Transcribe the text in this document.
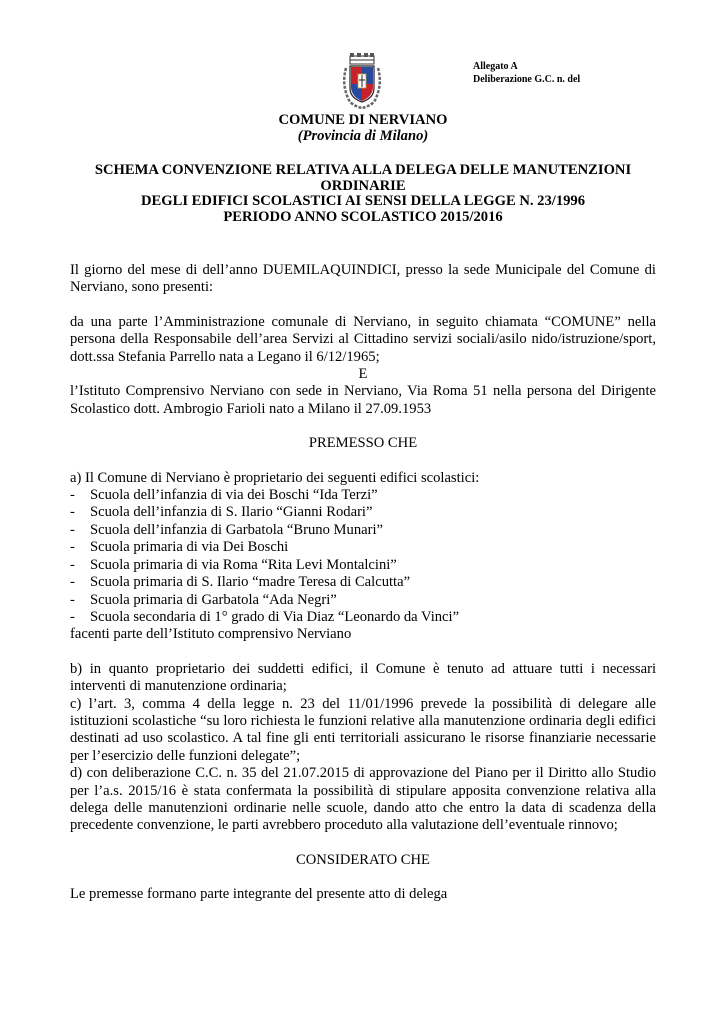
Allegato A
Deliberazione G.C. n. del
COMUNE DI NERVIANO
(Provincia di Milano)
SCHEMA CONVENZIONE RELATIVA ALLA DELEGA DELLE MANUTENZIONI ORDINARIE
DEGLI EDIFICI SCOLASTICI AI SENSI DELLA LEGGE N. 23/1996
PERIODO ANNO SCOLASTICO 2015/2016

Il giorno del mese di dell’anno DUEMILAQUINDICI, presso la sede Municipale del Comune di Nerviano, sono presenti:

da una parte l’Amministrazione comunale di Nerviano, in seguito chiamata “COMUNE” nella persona della Responsabile dell’area Servizi al Cittadino servizi sociali/asilo nido/istruzione/sport, dott.ssa Stefania Parrello nata a Legano il 6/12/1965;

E

l’Istituto Comprensivo Nerviano con sede in Nerviano, Via Roma 51 nella persona del Dirigente Scolastico dott. Ambrogio Farioli nato a Milano il 27.09.1953

PREMESSO CHE

a) Il Comune di Nerviano è proprietario dei seguenti edifici scolastici:

- Scuola dell’infanzia di via dei Boschi “Ida Terzi”
- Scuola dell’infanzia di S. Ilario “Gianni Rodari”
- Scuola dell’infanzia di Garbatola “Bruno Munari”
- Scuola primaria di via Dei Boschi
- Scuola primaria di via Roma “Rita Levi Montalcini”
- Scuola primaria di S. Ilario “madre Teresa di Calcutta”
- Scuola primaria di Garbatola “Ada Negri”
- Scuola secondaria di 1° grado di Via Diaz “Leonardo da Vinci”

facenti parte dell’Istituto comprensivo Nerviano

b) in quanto proprietario dei suddetti edifici, il Comune è tenuto ad attuare tutti i necessari interventi di manutenzione ordinaria;

c) l’art. 3, comma 4 della legge n. 23 del 11/01/1996 prevede la possibilità di delegare alle istituzioni scolastiche “su loro richiesta le funzioni relative alla manutenzione ordinaria degli edifici destinati ad uso scolastico. A tal fine gli enti territoriali assicurano le risorse finanziarie necessarie per l’esercizio delle funzioni delegate”;

d) con deliberazione C.C. n. 35 del 21.07.2015 di approvazione del Piano per il Diritto allo Studio per l’a.s. 2015/16 è stata confermata la possibilità di stipulare apposita convenzione relativa alla delega delle manutenzioni ordinarie nelle scuole, dando atto che entro la data di scadenza della precedente convenzione, le parti avrebbero proceduto alla valutazione dell’eventuale rinnovo;

CONSIDERATO CHE

Le premesse formano parte integrante del presente atto di delega
